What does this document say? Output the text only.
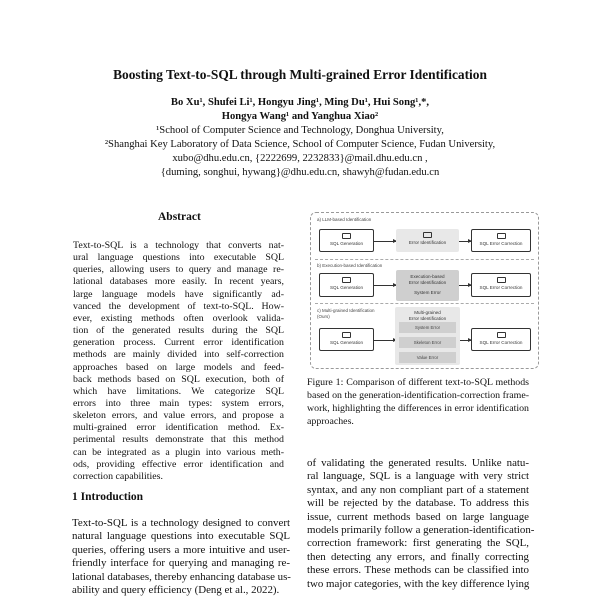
Boosting Text-to-SQL through Multi-grained Error Identification
Bo Xu¹, Shufei Li¹, Hongyu Jing¹, Ming Du¹, Hui Song¹,*,
Hongya Wang¹ and Yanghua Xiao²
¹School of Computer Science and Technology, Donghua University,
²Shanghai Key Laboratory of Data Science, School of Computer Science, Fudan University,
xubo@dhu.edu.cn, {2222699, 2232833}@mail.dhu.edu.cn ,
{duming, songhui, hywang}@dhu.edu.cn, shawyh@fudan.edu.cn
Abstract
Text-to-SQL is a technology that converts nat-
ural language questions into executable SQL
queries, allowing users to query and manage re-
lational databases more easily. In recent years,
large language models have significantly ad-
vanced the development of text-to-SQL. How-
ever, existing methods often overlook valida-
tion of the generated results during the SQL
generation process. Current error identification
methods are mainly divided into self-correction
approaches based on large models and feed-
back methods based on SQL execution, both of
which have limitations. We categorize SQL
errors into three main types: system errors,
skeleton errors, and value errors, and propose a
multi-grained error identification method. Ex-
perimental results demonstrate that this method
can be integrated as a plugin into various meth-
ods, providing effective error identification and
correction capabilities.
1 Introduction
Text-to-SQL is a technology designed to convert
natural language questions into executable SQL
queries, offering users a more intuitive and user-
friendly interface for querying and managing re-
lational databases, thereby enhancing database us-
ability and query efficiency (Deng et al., 2022).
a) LLM-based Identification
SQL Generation	Error Identification	SQL Error Correction
b) Execution-based Identification
SQL Generation
Execution-based
Error Identification
System Error
SQL Error Correction
c) Multi-grained Identification
(Ours)
SQL Generation
Multi-grained
Error Identification
System Error
Skeleton Error
Value Error
SQL Error Correction
Figure 1: Comparison of different text-to-SQL methods
based on the generation-identification-correction frame-
work, highlighting the differences in error identification
approaches.
of validating the generated results. Unlike natu-
ral language, SQL is a language with very strict
syntax, and any non compliant part of a statement
will be rejected by the database. To address this
issue, current methods based on large language
models primarily follow a generation-identification-
correction framework: first generating the SQL,
then detecting any errors, and finally correcting
these errors. These methods can be classified into
two major categories, with the key difference lying
